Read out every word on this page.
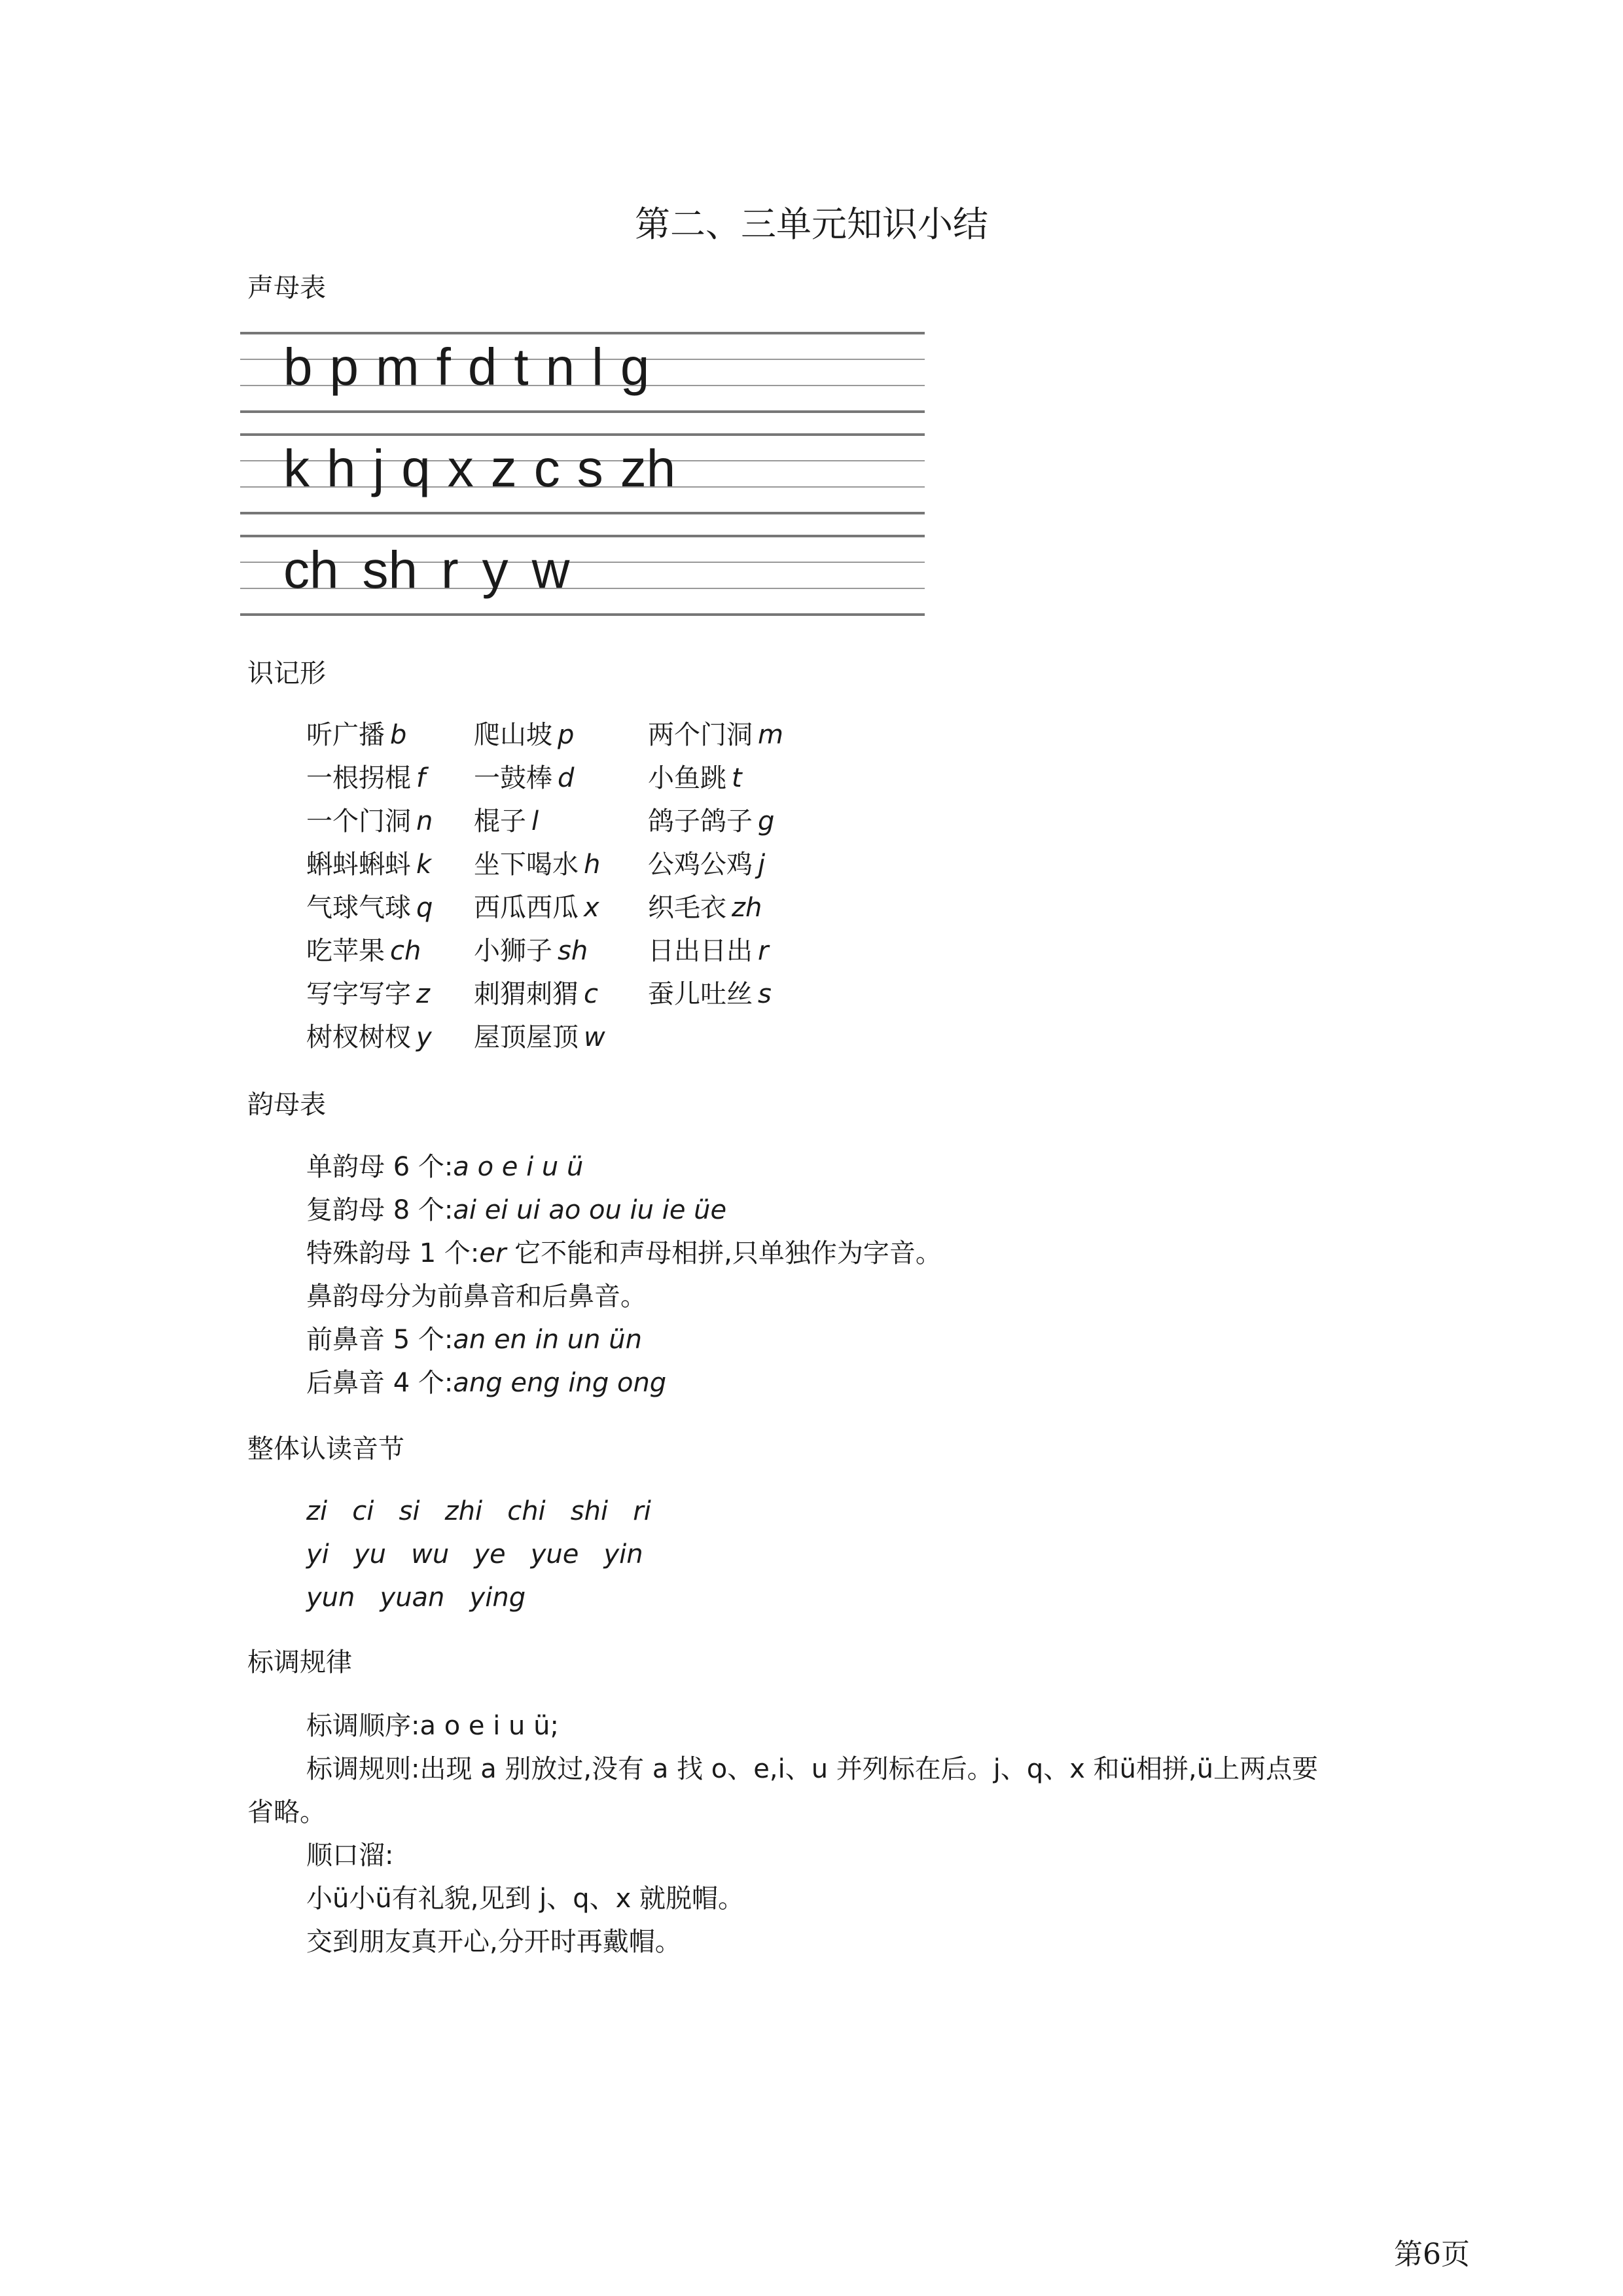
第二、三单元知识小结
声母表
b p m f d t n l g
k h j q x z c s zh
ch sh r y w
识记形
听广播 b	爬山坡 p	两个门洞 m
一根拐棍 f 一鼓棒 d	小鱼跳 t
一个门洞 n 棍子 l	鸽子鸽子 g
蝌蚪蝌蚪 k 坐下喝水 h 公鸡公鸡 j
气球气球 q 西瓜西瓜 x 织毛衣 zh
吃苹果 ch 小狮子 sh 日出日出 r
写字写字 z 刺猬刺猬 c 蚕儿吐丝 s
树杈树杈 y 屋顶屋顶 w
韵母表
单韵母 6 个:a o e i u ü
复韵母 8 个:ai ei ui ao ou iu ie üe
特殊韵母 1 个:er 它不能和声母相拼,只单独作为字音。
鼻韵母分为前鼻音和后鼻音。
前鼻音 5 个:an en in un ün
后鼻音 4 个:ang eng ing ong
整体认读音节
zi   ci   si   zhi   chi   shi   ri
yi   yu   wu   ye   yue   yin
yun   yuan   ying
标调规律
标调顺序:a o e i u ü;
标调规则:出现 a 别放过,没有 a 找 o、e,i、u 并列标在后。j、q、x 和ü相拼,ü上两点要
省略。
顺口溜:
小ü小ü有礼貌,见到 j、q、x 就脱帽。
交到朋友真开心,分开时再戴帽。
第6页
